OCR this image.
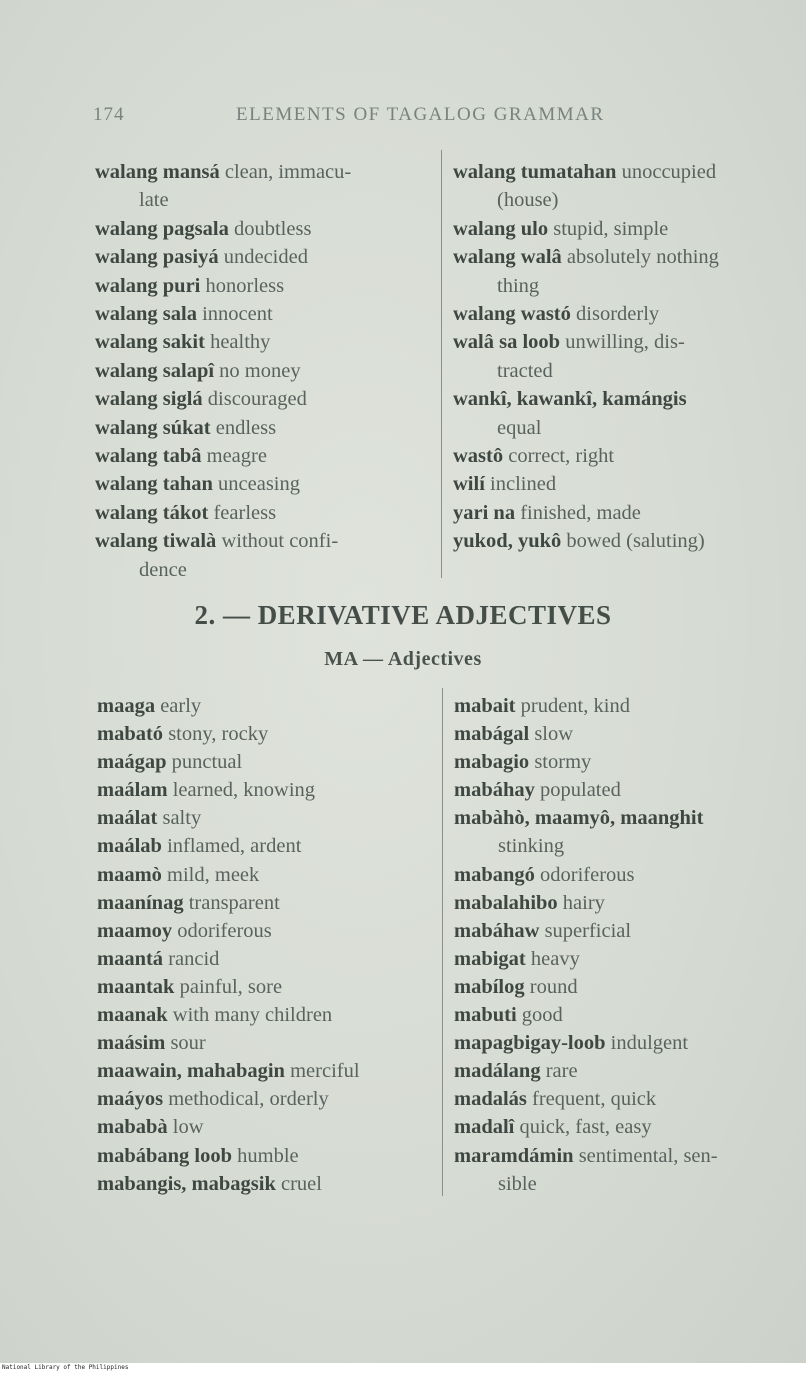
174	ELEMENTS OF TAGALOG GRAMMAR
walang mansá clean, immacu-
late
walang pagsala doubtless
walang pasiyá undecided
walang puri honorless
walang sala innocent
walang sakit healthy
walang salapî no money
walang siglá discouraged
walang súkat endless
walang tabâ meagre
walang tahan unceasing
walang tákot fearless
walang tiwalà without confi-
dence
walang tumatahan unoccupied
(house)
walang ulo stupid, simple
walang walâ absolutely nothing
thing
walang wastó disorderly
walâ sa loob unwilling, dis-
tracted
wankî, kawankî, kamángis
equal
wastô correct, right
wilí inclined
yari na finished, made
yukod, yukô bowed (saluting)
2. — DERIVATIVE ADJECTIVES
MA — Adjectives
maaga early
mabató stony, rocky
maágap punctual
maálam learned, knowing
maálat salty
maálab inflamed, ardent
maamò mild, meek
maanínag transparent
maamoy odoriferous
maantá rancid
maantak painful, sore
maanak with many children
maásim sour
maawain, mahabagin merciful
maáyos methodical, orderly
mababà low
mabábang loob humble
mabangis, mabagsik cruel
mabait prudent, kind
mabágal slow
mabagio stormy
mabáhay populated
mabàhò, maamyô, maanghit
stinking
mabangó odoriferous
mabalahibo hairy
mabáhaw superficial
mabigat heavy
mabílog round
mabuti good
mapagbigay-loob indulgent
madálang rare
madalás frequent, quick
madalî quick, fast, easy
maramdámin sentimental, sen-
sible
National Library of the Philippines
